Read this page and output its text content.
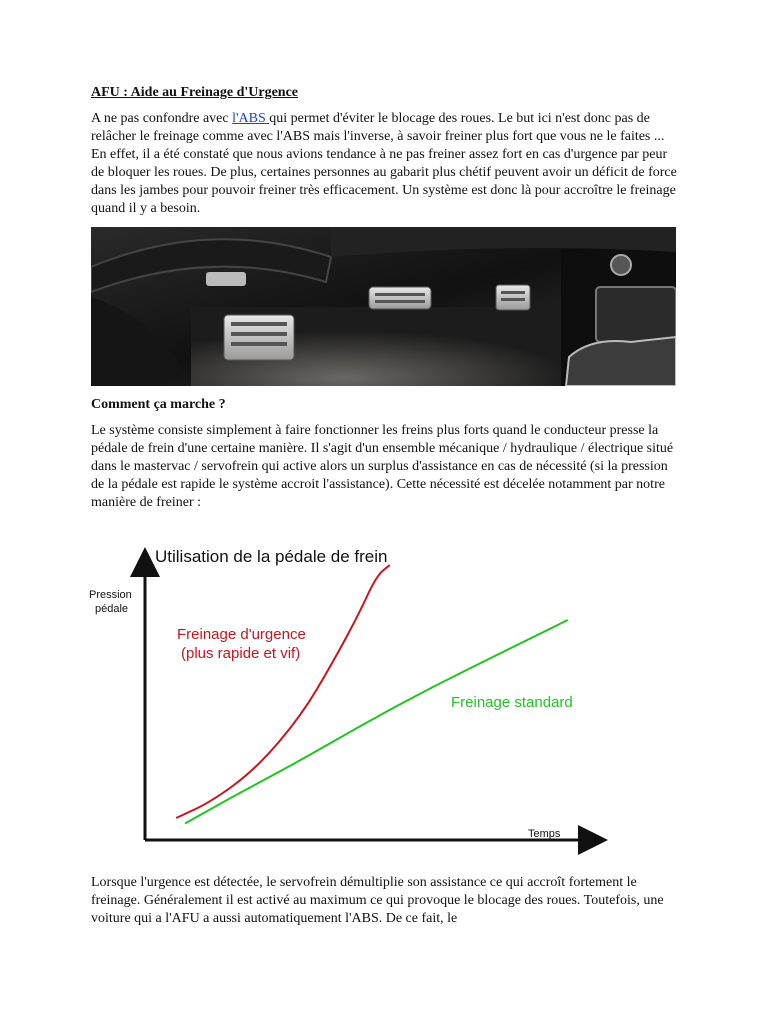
AFU : Aide au Freinage d'Urgence

A ne pas confondre avec l'ABS qui permet d'éviter le blocage des roues. Le but ici n'est donc pas de relâcher le freinage comme avec l'ABS mais l'inverse, à savoir freiner plus fort que vous ne le faites ... En effet, il a été constaté que nous avions tendance à ne pas freiner assez fort en cas d'urgence par peur de bloquer les roues. De plus, certaines personnes au gabarit plus chétif peuvent avoir un déficit de force dans les jambes pour pouvoir freiner très efficacement. Un système est donc là pour accroître le freinage quand il y a besoin.

Comment ça marche ?

Le système consiste simplement à faire fonctionner les freins plus forts quand le conducteur presse la pédale de frein d'une certaine manière. Il s'agit d'un ensemble mécanique / hydraulique / électrique situé dans le mastervac / servofrein qui active alors un surplus d'assistance en cas de nécessité (si la pression de la pédale est rapide le système accroit l'assistance). Cette nécessité est décelée notamment par notre manière de freiner :

Utilisation de la pédale de frein
Pression
pédale
Temps
Freinage d'urgence
(plus rapide et vif)
Freinage standard

Lorsque l'urgence est détectée, le servofrein démultiplie son assistance ce qui accroît fortement le freinage. Généralement il est activé au maximum ce qui provoque le blocage des roues. Toutefois, une voiture qui a l'AFU a aussi automatiquement l'ABS. De ce fait, le
